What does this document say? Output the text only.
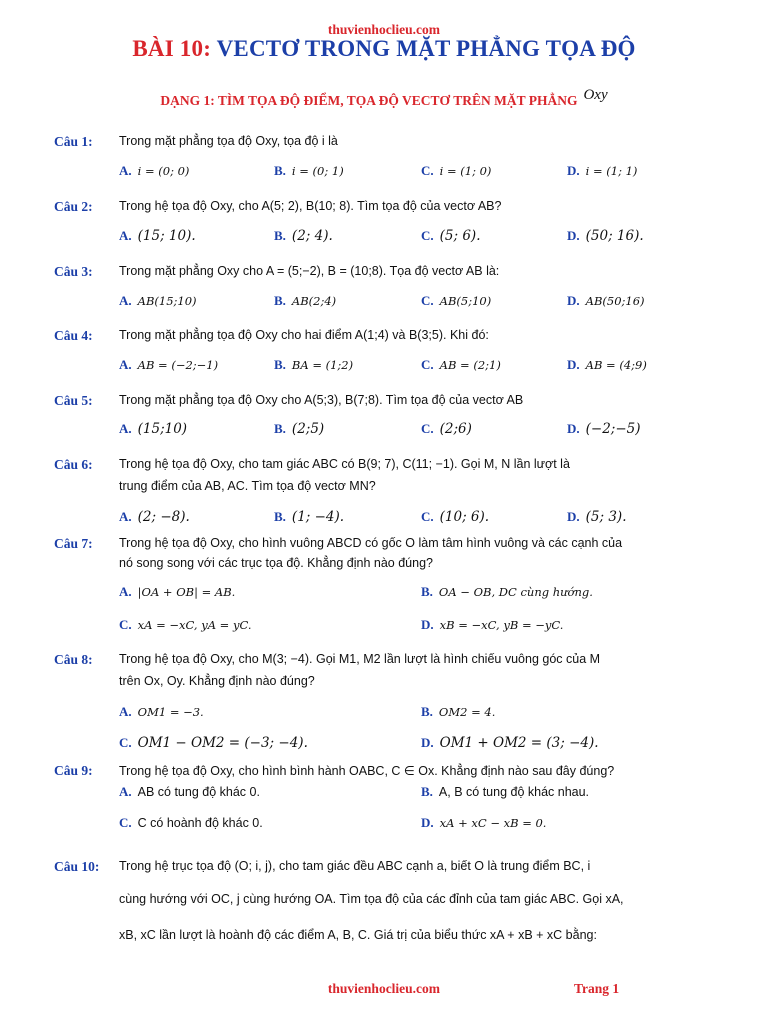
thuvienhoclieu.com
BÀI 10: VECTƠ TRONG MẶT PHẲNG TỌA ĐỘ
DẠNG 1: TÌM TỌA ĐỘ ĐIỂM, TỌA ĐỘ VECTƠ TRÊN MẶT PHẲNG Oxy
Câu 1: Trong mặt phẳng tọa độ Oxy, tọa độ i là
A. i = (0; 0)	B. i = (0; 1)	C. i = (1; 0)	D. i = (1; 1)
Câu 2: Trong hệ tọa độ Oxy, cho A(5; 2), B(10; 8). Tìm tọa độ của vectơ AB?
A. (15; 10).	B. (2; 4).	C. (5; 6).	D. (50; 16).
Câu 3: Trong mặt phẳng Oxy cho A = (5;−2), B = (10;8). Tọa độ vectơ AB là:
A. AB(15;10)	B. AB(2;4)	C. AB(5;10)	D. AB(50;16)
Câu 4: Trong mặt phẳng tọa độ Oxy cho hai điểm A(1;4) và B(3;5). Khi đó:
A. AB = (−2;−1)	B. BA = (1;2)	C. AB = (2;1)	D. AB = (4;9)
Câu 5: Trong mặt phẳng tọa độ Oxy cho A(5;3), B(7;8). Tìm tọa độ của vectơ AB
A. (15;10)	B. (2;5)	C. (2;6)	D. (−2;−5)
Câu 6: Trong hệ tọa độ Oxy, cho tam giác ABC có B(9; 7), C(11; −1). Gọi M, N lần lượt là
trung điểm của AB, AC. Tìm tọa độ vectơ MN?
A. (2; −8).	B. (1; −4).	C. (10; 6).	D. (5; 3).
Câu 7: Trong hệ tọa độ Oxy, cho hình vuông ABCD có gốc O làm tâm hình vuông và các cạnh của
nó song song với các trục tọa độ. Khẳng định nào đúng?
A. |OA + OB| = AB.	B. OA − OB, DC cùng hướng.
C. xA = −xC, yA = yC.	D. xB = −xC, yB = −yC.
Câu 8: Trong hệ tọa độ Oxy, cho M(3; −4). Gọi M1, M2 lần lượt là hình chiếu vuông góc của M
trên Ox, Oy. Khẳng định nào đúng?
A. OM1 = −3.	B. OM2 = 4.
C. OM1 − OM2 = (−3; −4).	D. OM1 + OM2 = (3; −4).
Câu 9: Trong hệ tọa độ Oxy, cho hình bình hành OABC, C ∈ Ox. Khẳng định nào sau đây đúng?
A. AB có tung độ khác 0.	B. A, B có tung độ khác nhau.
C. C có hoành độ khác 0.	D. xA + xC − xB = 0.
Câu 10: Trong hệ trục tọa độ (O; i, j), cho tam giác đều ABC cạnh a, biết O là trung điểm BC, i
cùng hướng với OC, j cùng hướng OA. Tìm tọa độ của các đỉnh của tam giác ABC. Gọi xA,
xB, xC lần lượt là hoành độ các điểm A, B, C. Giá trị của biểu thức xA + xB + xC bằng:
thuvienhoclieu.com	Trang 1
